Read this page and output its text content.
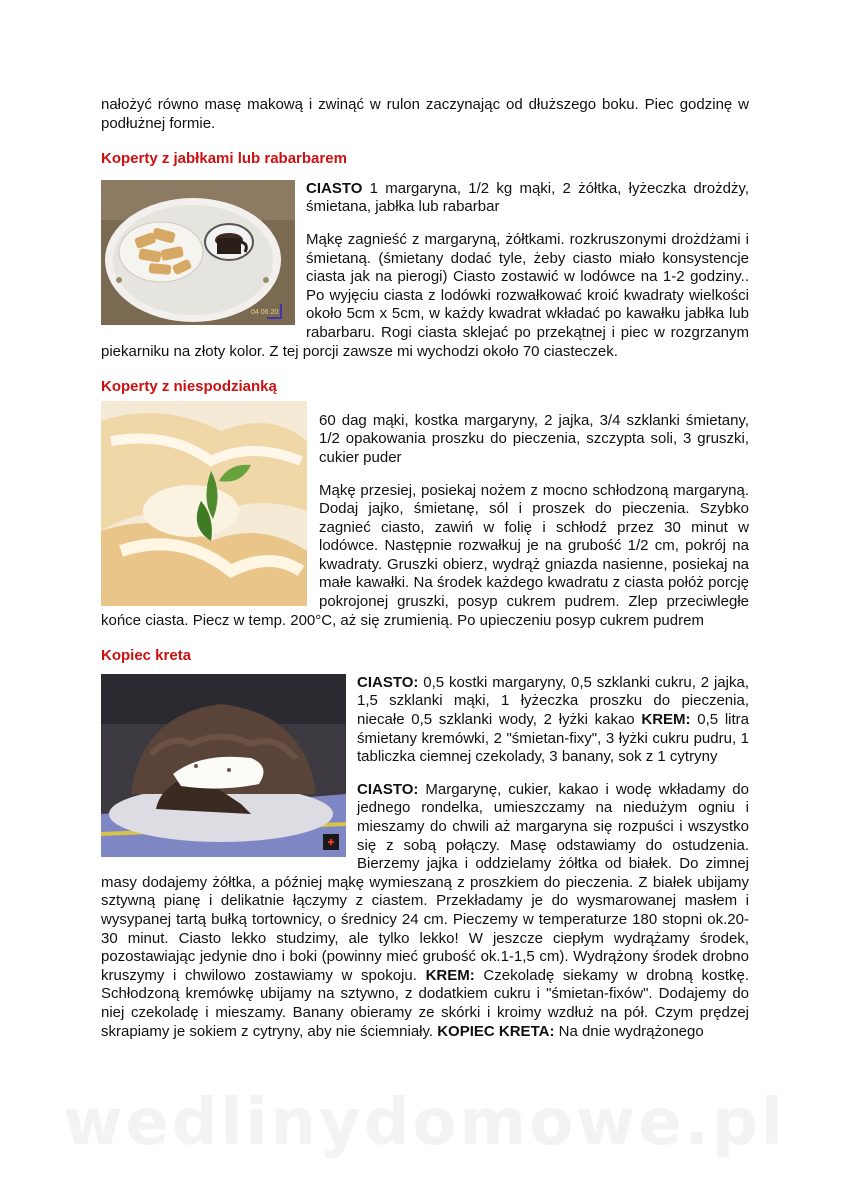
nałożyć równo masę makową i zwinąć w rulon zaczynając od dłuższego boku. Piec godzinę w podłużnej formie.

Koperty z jabłkami lub rabarbarem
04 06 20

CIASTO 1 margaryna, 1/2 kg mąki, 2 żółtka, łyżeczka drożdży, śmietana, jabłka lub rabarbar

Mąkę zagnieść z margaryną, żółtkami. rozkruszonymi drożdżami i śmietaną. (śmietany dodać tyle, żeby ciasto miało konsystencje ciasta jak na pierogi) Ciasto zostawić w lodówce na 1-2 godziny.. Po wyjęciu ciasta z lodówki rozwałkować kroić kwadraty wielkości około 5cm x 5cm, w każdy kwadrat wkładać po kawałku jabłka lub rabarbaru. Rogi ciasta sklejać po przekątnej i piec w rozgrzanym piekarniku na złoty kolor. Z tej porcji zawsze mi wychodzi około 70 ciasteczek.

Koperty z niespodzianką

60 dag mąki, kostka margaryny, 2 jajka, 3/4 szklanki śmietany, 1/2 opakowania proszku do pieczenia, szczypta soli, 3 gruszki, cukier puder

Mąkę przesiej, posiekaj nożem z mocno schłodzoną margaryną. Dodaj jajko, śmietanę, sól i proszek do pieczenia. Szybko zagnieć ciasto, zawiń w folię i schłodź przez 30 minut w lodówce. Następnie rozwałkuj je na grubość 1/2 cm, pokrój na kwadraty. Gruszki obierz, wydrąż gniazda nasienne, posiekaj na małe kawałki. Na środek każdego kwadratu z ciasta połóż porcję pokrojonej gruszki, posyp cukrem pudrem. Zlep przeciwległe końce ciasta. Piecz w temp. 200°C, aż się zrumienią. Po upieczeniu posyp cukrem pudrem

Kopiec kreta

CIASTO: 0,5 kostki margaryny, 0,5 szklanki cukru, 2 jajka, 1,5 szklanki mąki, 1 łyżeczka proszku do pieczenia, niecałe 0,5 szklanki wody, 2 łyżki kakao KREM: 0,5 litra śmietany kremówki, 2 "śmietan-fixy", 3 łyżki cukru pudru, 1 tabliczka ciemnej czekolady, 3 banany, sok z 1 cytryny

CIASTO: Margarynę, cukier, kakao i wodę wkładamy do jednego rondelka, umieszczamy na niedużym ogniu i mieszamy do chwili aż margaryna się rozpuści i wszystko się z sobą połączy. Masę odstawiamy do ostudzenia. Bierzemy jajka i oddzielamy żółtka od białek. Do zimnej masy dodajemy żółtka, a później mąkę wymieszaną z proszkiem do pieczenia. Z białek ubijamy sztywną pianę i delikatnie łączymy z ciastem. Przekładamy je do wysmarowanej masłem i wysypanej tartą bułką tortownicy, o średnicy 24 cm. Pieczemy w temperaturze 180 stopni ok.20-30 minut. Ciasto lekko studzimy, ale tylko lekko! W jeszcze ciepłym wydrążamy środek, pozostawiając jedynie dno i boki (powinny mieć grubość ok.1-1,5 cm). Wydrążony środek drobno kruszymy i chwilowo zostawiamy w spokoju. KREM: Czekoladę siekamy w drobną kostkę. Schłodzoną kremówkę ubijamy na sztywno, z dodatkiem cukru i "śmietan-fixów". Dodajemy do niej czekoladę i mieszamy. Banany obieramy ze skórki i kroimy wzdłuż na pół. Czym prędzej skrapiamy je sokiem z cytryny, aby nie ściemniały. KOPIEC KRETA: Na dnie wydrążonego

wedlinydomowe.pl
